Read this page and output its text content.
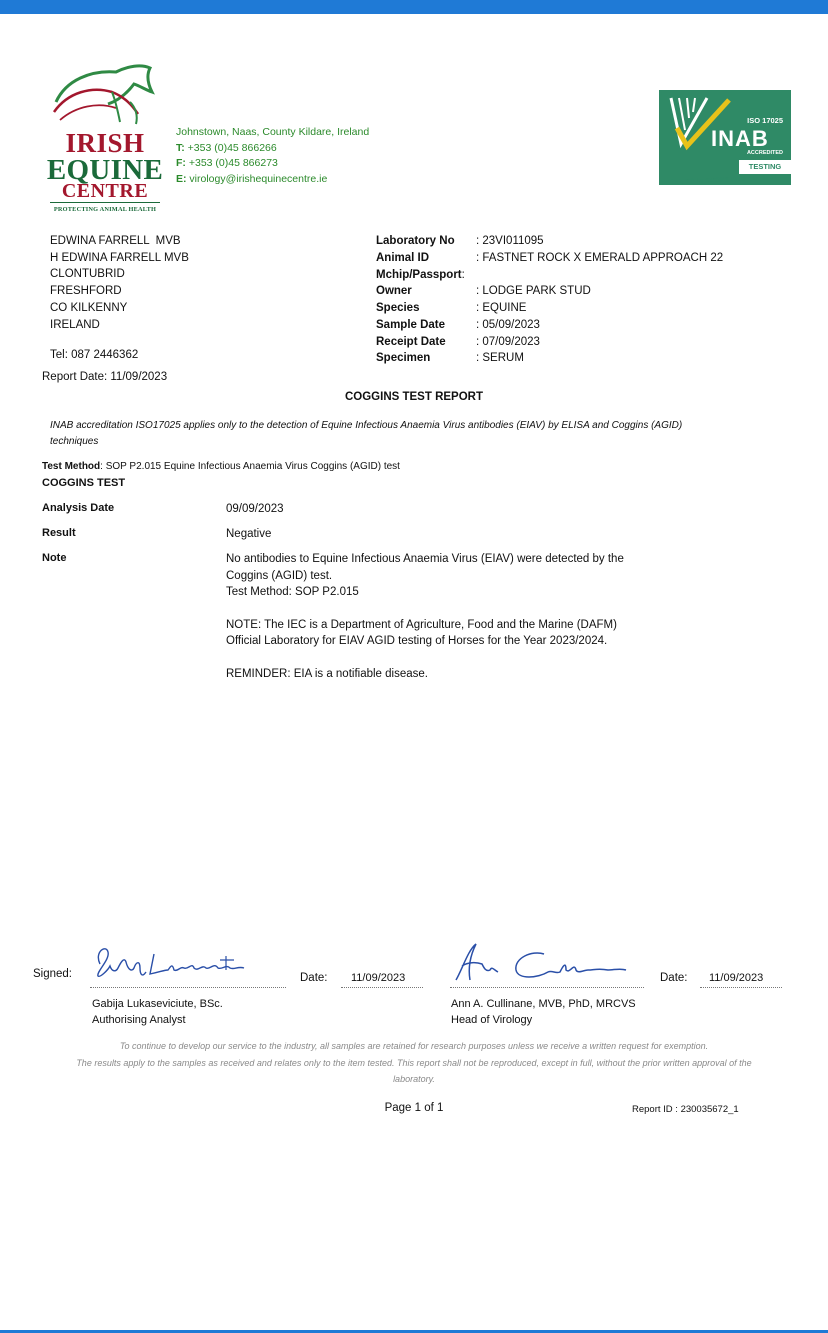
IRISH
EQUINE
CENTRE
PROTECTING ANIMAL HEALTH
Johnstown, Naas, County Kildare, Ireland
T: +353 (0)45 866266
F: +353 (0)45 866273
E: virology@irishequinecentre.ie
ISO 17025
INAB
ACCREDITED
TESTING
DETAILED IN SCOPE REG NO. 151T
EDWINA FARRELL  MVB
H EDWINA FARRELL MVB
CLONTUBRID
FRESHFORD
CO KILKENNY
IRELAND
Tel: 087 2446362
Report Date: 11/09/2023
Laboratory No	: 23VI011095
Animal ID	: FASTNET ROCK X EMERALD APPROACH 22
Mchip/Passport :
Owner	: LODGE PARK STUD
Species	: EQUINE
Sample Date	: 05/09/2023
Receipt Date	: 07/09/2023
Specimen	: SERUM
COGGINS TEST REPORT
INAB accreditation ISO17025 applies only to the detection of Equine Infectious Anaemia Virus antibodies (EIAV) by ELISA and Coggins (AGID) techniques
Test Method: SOP P2.015 Equine Infectious Anaemia Virus Coggins (AGID) test
COGGINS TEST
Analysis Date	09/09/2023
Result	Negative
Note	No antibodies to Equine Infectious Anaemia Virus (EIAV) were detected by the Coggins (AGID) test.
Test Method: SOP P2.015
NOTE: The IEC is a Department of Agriculture, Food and the Marine (DAFM) Official Laboratory for EIAV AGID testing of Horses for the Year 2023/2024.
REMINDER: EIA is a notifiable disease.
Signed:	Date: 11/09/2023
Gabija Lukaseviciute, BSc.
Authorising Analyst
Date: 11/09/2023
Ann A. Cullinane, MVB, PhD, MRCVS
Head of Virology
To continue to develop our service to the industry, all samples are retained for research purposes unless we receive a written request for exemption.
The results apply to the samples as received and relates only to the item tested. This report shall not be reproduced, except in full, without the prior written approval of the laboratory.
Page 1 of 1	Report ID : 230035672_1
